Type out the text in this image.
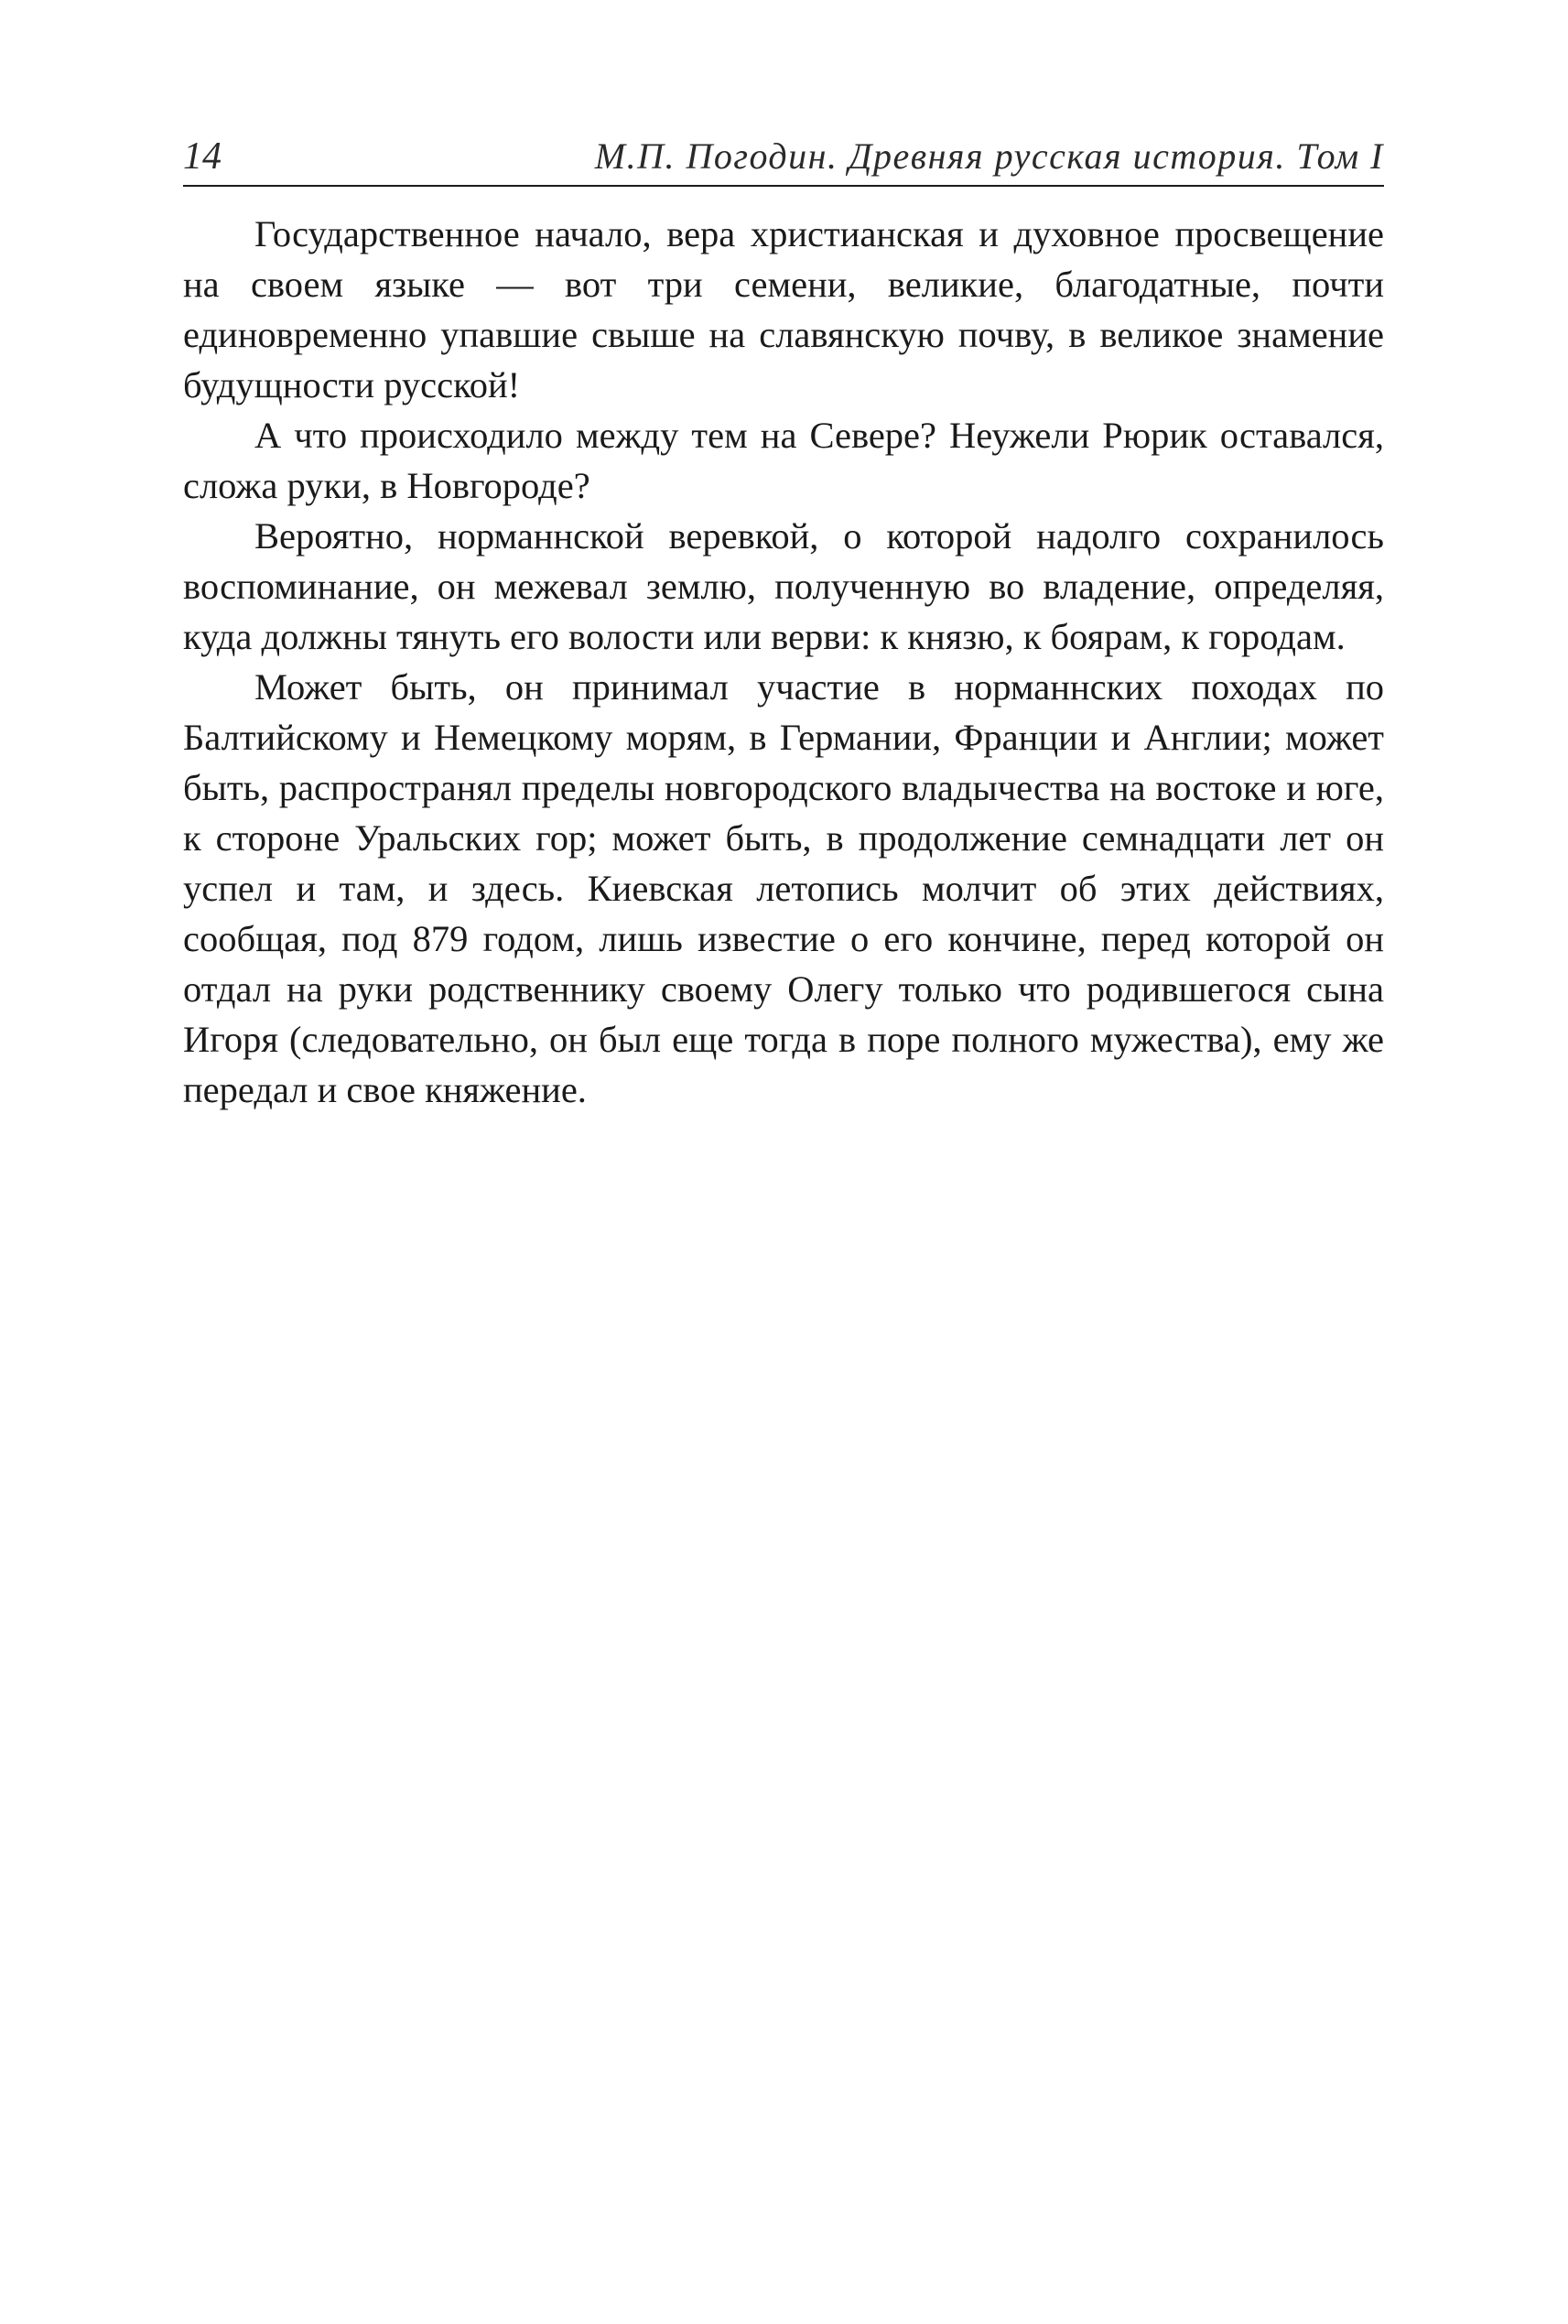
14	М.П. Погодин. Древняя русская история. Том I

Государственное начало, вера христианская и духовное просвещение на своем языке — вот три семени, великие, благодатные, почти единовременно упавшие свыше на славянскую почву, в великое знамение будущности русской!

А что происходило между тем на Севере? Неужели Рюрик оставался, сложа руки, в Новгороде?

Вероятно, норманнской веревкой, о которой надолго сохранилось воспоминание, он межевал землю, полученную во владение, определяя, куда должны тянуть его волости или верви: к князю, к боярам, к городам.

Может быть, он принимал участие в норманнских походах по Балтийскому и Немецкому морям, в Германии, Франции и Англии; может быть, распространял пределы новгородского владычества на востоке и юге, к стороне Уральских гор; может быть, в продолжение семнадцати лет он успел и там, и здесь. Киевская летопись молчит об этих действиях, сообщая, под 879 годом, лишь известие о его кончине, перед которой он отдал на руки родственнику своему Олегу только что родившегося сына Игоря (следовательно, он был еще тогда в поре полного мужества), ему же передал и свое княжение.
